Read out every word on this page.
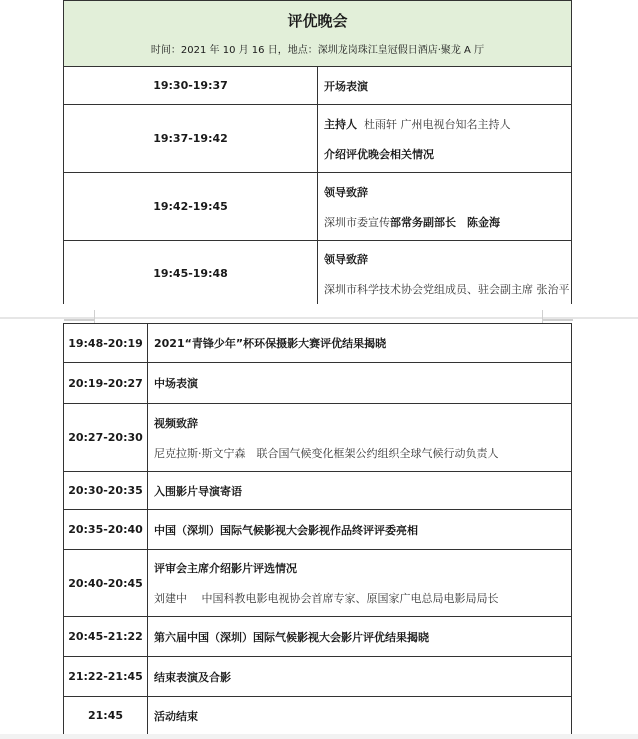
评优晚会
时间：2021 年 10 月 16 日，地点：深圳龙岗珠江皇冠假日酒店·聚龙 A 厅	

19:30-19:37	开场表演
19:37-19:42	主持人 杜雨轩 广州电视台知名主持人
介绍评优晚会相关情况

19:42-19:45	领导致辞
深圳市委宣传部常务副部长　陈金海

19:45-19:48	领导致辞
深圳市科学技术协会党组成员、驻会副主席 张治平
19:48-20:19	2021“青锋少年”杯环保摄影大赛评优结果揭晓
20:19-20:27	中场表演
20:27-20:30	视频致辞
尼克拉斯·斯文宁森　联合国气候变化框架公约组织全球气候行动负责人

20:30-20:35	入围影片导演寄语
20:35-20:40	中国（深圳）国际气候影视大会影视作品终评评委亮相
20:40-20:45	评审会主席介绍影片评选情况
刘建中　 中国科教电影电视协会首席专家、原国家广电总局电影局局长

20:45-21:22	第六届中国（深圳）国际气候影视大会影片评优结果揭晓
21:22-21:45	结束表演及合影
21:45	活动结束
